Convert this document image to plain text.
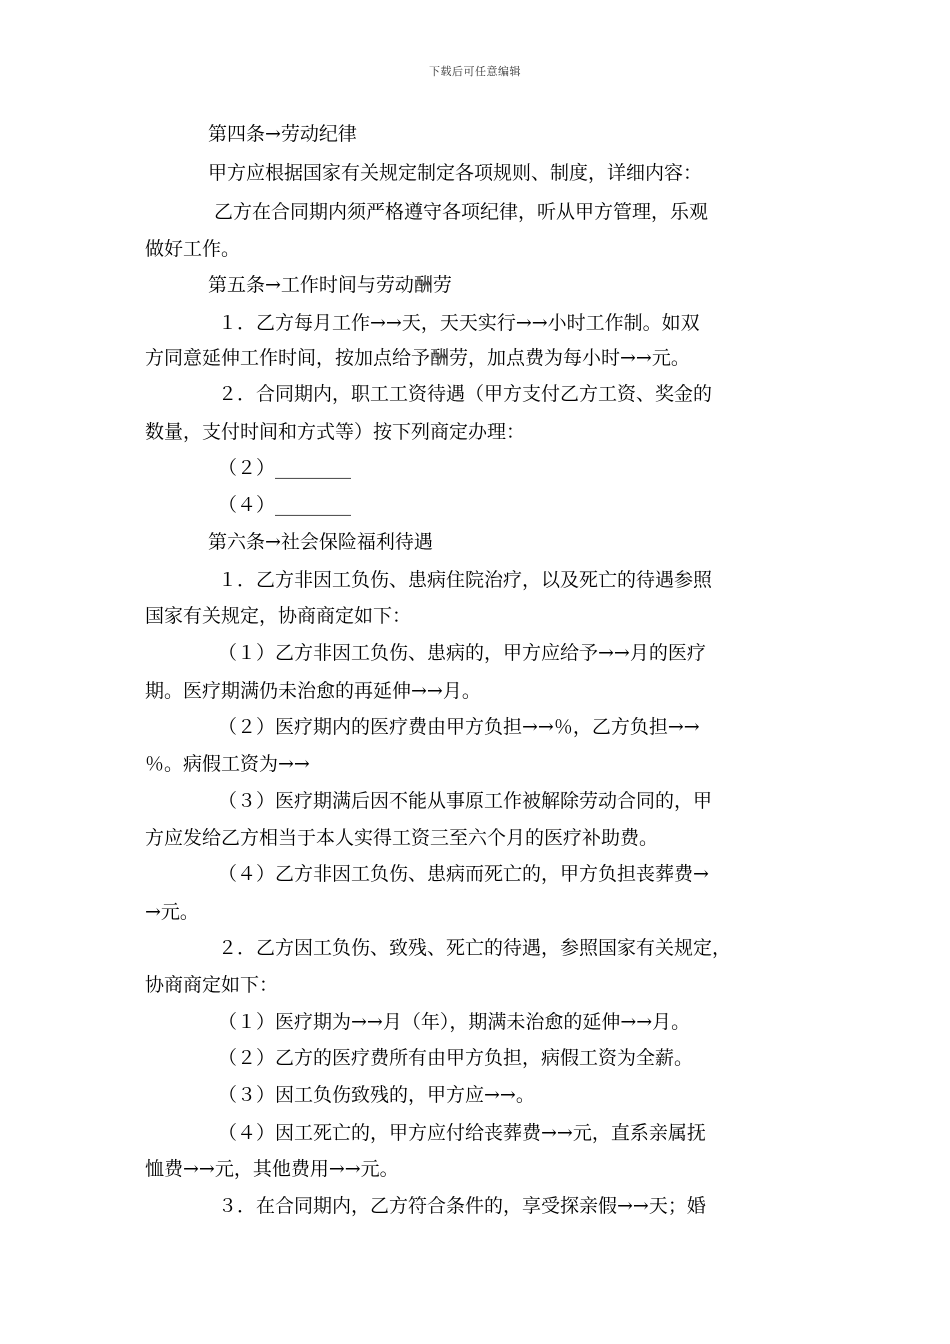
下载后可任意编辑
第四条→劳动纪律
甲方应根据国家有关规定制定各项规则、制度，详细内容：
乙方在合同期内须严格遵守各项纪律，听从甲方管理，乐观
做好工作。
第五条→工作时间与劳动酬劳
１．乙方每月工作→→天，天天实行→→小时工作制。如双
方同意延伸工作时间，按加点给予酬劳，加点费为每小时→→元。
２．合同期内，职工工资待遇（甲方支付乙方工资、奖金的
数量，支付时间和方式等）按下列商定办理：
（２）________
（４）________
第六条→社会保险福利待遇
１．乙方非因工负伤、患病住院治疗，以及死亡的待遇参照
国家有关规定，协商商定如下：
（１）乙方非因工负伤、患病的，甲方应给予→→月的医疗
期。医疗期满仍未治愈的再延伸→→月。
（２）医疗期内的医疗费由甲方负担→→％，乙方负担→→
％。病假工资为→→
（３）医疗期满后因不能从事原工作被解除劳动合同的，甲
方应发给乙方相当于本人实得工资三至六个月的医疗补助费。
（４）乙方非因工负伤、患病而死亡的，甲方负担丧葬费→
→元。
２．乙方因工负伤、致残、死亡的待遇，参照国家有关规定，
协商商定如下：
（１）医疗期为→→月（年），期满未治愈的延伸→→月。
（２）乙方的医疗费所有由甲方负担，病假工资为全薪。
（３）因工负伤致残的，甲方应→→。
（４）因工死亡的，甲方应付给丧葬费→→元，直系亲属抚
恤费→→元，其他费用→→元。
３．在合同期内，乙方符合条件的，享受探亲假→→天；婚
